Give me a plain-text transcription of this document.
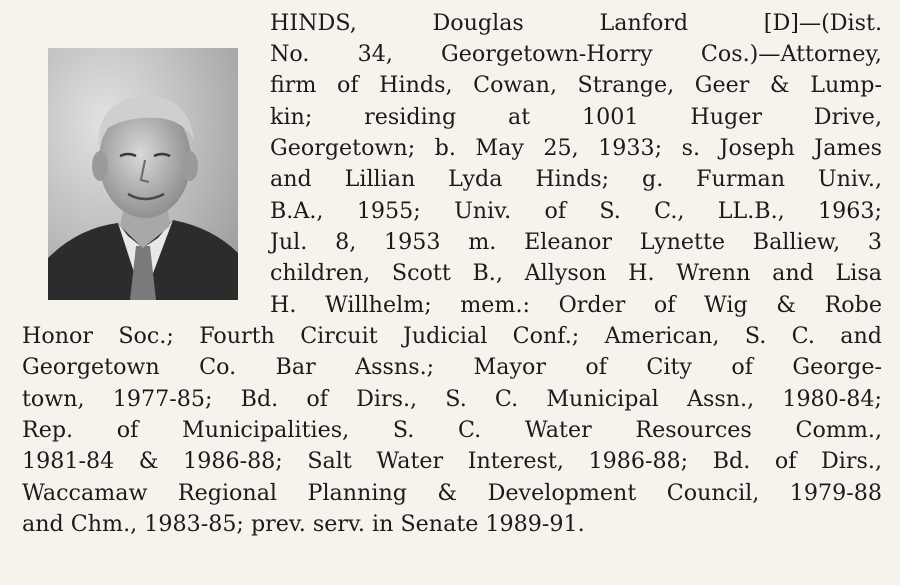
HINDS, Douglas Lanford [D]—(Dist.
No. 34, Georgetown-Horry Cos.)—Attorney,
firm of Hinds, Cowan, Strange, Geer & Lump-
kin; residing at 1001 Huger Drive,
Georgetown; b. May 25, 1933; s. Joseph James
and Lillian Lyda Hinds; g. Furman Univ.,
B.A., 1955; Univ. of S. C., LL.B., 1963;
Jul. 8, 1953 m. Eleanor Lynette Balliew, 3
children, Scott B., Allyson H. Wrenn and Lisa
H. Willhelm; mem.: Order of Wig & Robe
Honor Soc.; Fourth Circuit Judicial Conf.; American, S. C. and
Georgetown Co. Bar Assns.; Mayor of City of George-
town, 1977-85; Bd. of Dirs., S. C. Municipal Assn., 1980-84;
Rep. of Municipalities, S. C. Water Resources Comm.,
1981-84 & 1986-88; Salt Water Interest, 1986-88; Bd. of Dirs.,
Waccamaw Regional Planning & Development Council, 1979-88
and Chm., 1983-85; prev. serv. in Senate 1989-91.
